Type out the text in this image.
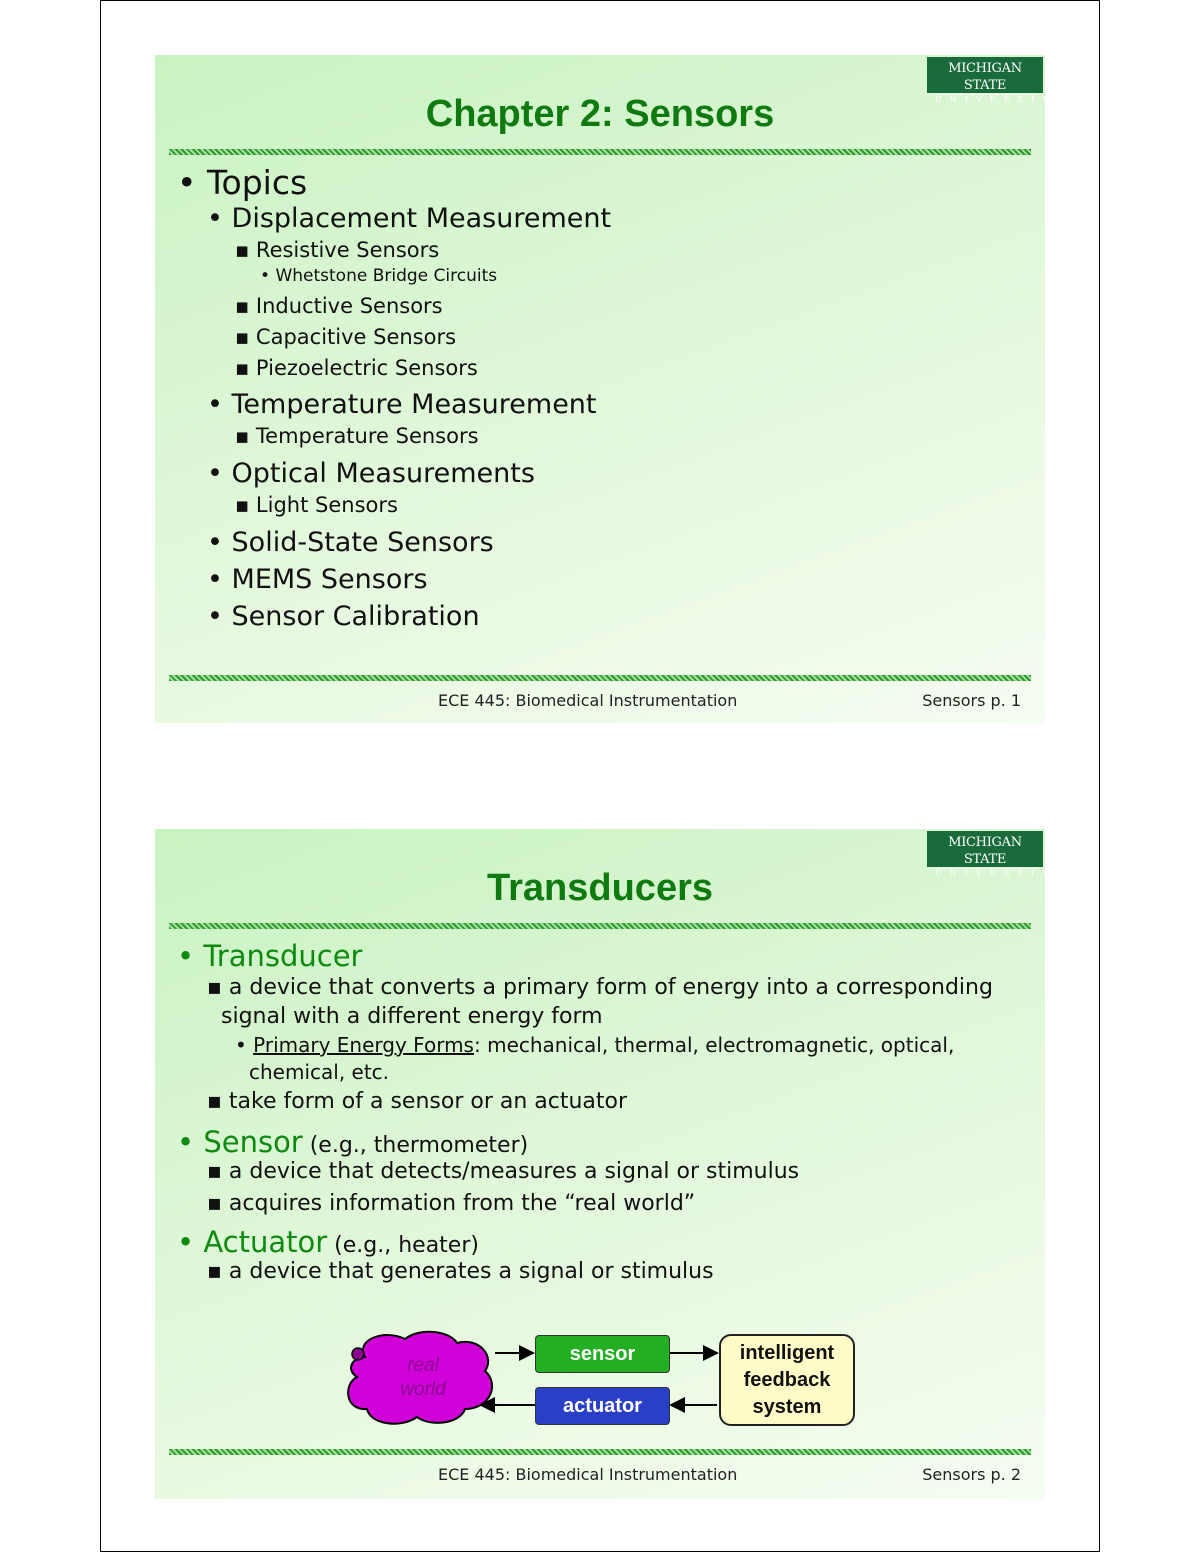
MICHIGAN STATE
UNIVERSITY
Chapter 2: Sensors
• Topics
• Displacement Measurement
▪ Resistive Sensors
• Whetstone Bridge Circuits
▪ Inductive Sensors
▪ Capacitive Sensors
▪ Piezoelectric Sensors
• Temperature Measurement
▪ Temperature Sensors
• Optical Measurements
▪ Light Sensors
• Solid-State Sensors
• MEMS Sensors
• Sensor Calibration
ECE 445: Biomedical Instrumentation	Sensors p. 1
MICHIGAN STATE
UNIVERSITY
Transducers
• Transducer
▪ a device that converts a primary form of energy into a corresponding
signal with a different energy form
• Primary Energy Forms: mechanical, thermal, electromagnetic, optical,
chemical, etc.
▪ take form of a sensor or an actuator
• Sensor (e.g., thermometer)
▪ a device that detects/measures a signal or stimulus
▪ acquires information from the “real world”
• Actuator (e.g., heater)
▪ a device that generates a signal or stimulus
real
world
sensor
actuator
intelligent
feedback
system
ECE 445: Biomedical Instrumentation	Sensors p. 2
